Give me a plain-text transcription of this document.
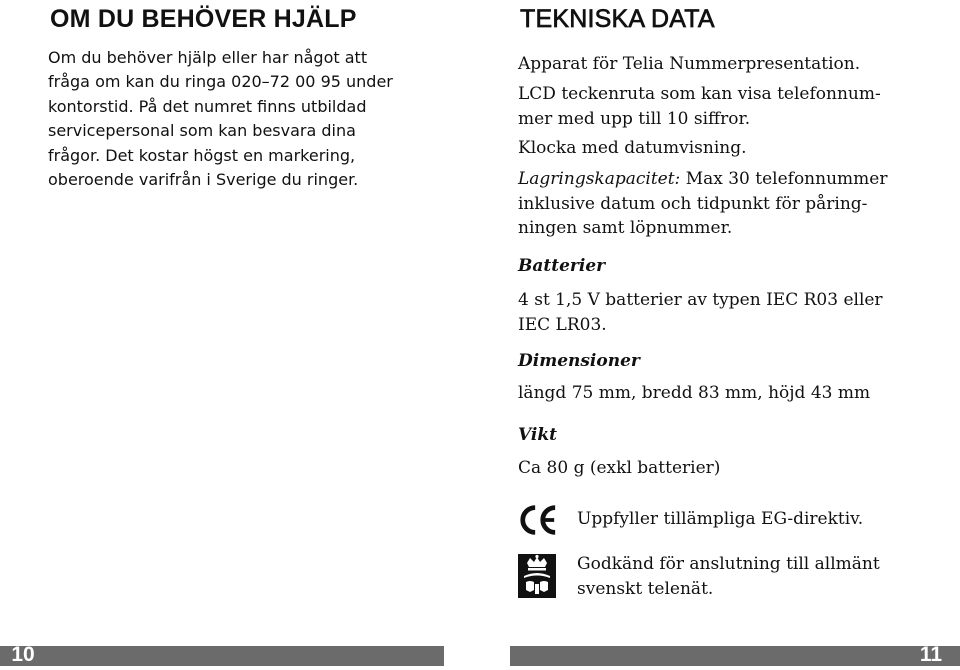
OM DU BEHÖVER HJÄLP
Om du behöver hjälp eller har något att
fråga om kan du ringa 020–72 00 95 under
kontorstid. På det numret finns utbildad
servicepersonal som kan besvara dina
frågor. Det kostar högst en markering,
oberoende varifrån i Sverige du ringer.
TEKNISKA DATA
Apparat för Telia Nummerpresentation.
LCD teckenruta som kan visa telefonnum-
mer med upp till 10 siffror.
Klocka med datumvisning.
Lagringskapacitet: Max 30 telefonnummer
inklusive datum och tidpunkt för påring-
ningen samt löpnummer.
Batterier
4 st 1,5 V batterier av typen IEC R03 eller
IEC LR03.
Dimensioner
längd 75 mm, bredd 83 mm, höjd 43 mm
Vikt
Ca 80 g (exkl batterier)
Uppfyller tillämpliga EG-direktiv.
Godkänd för anslutning till allmänt
svenskt telenät.
10	11
